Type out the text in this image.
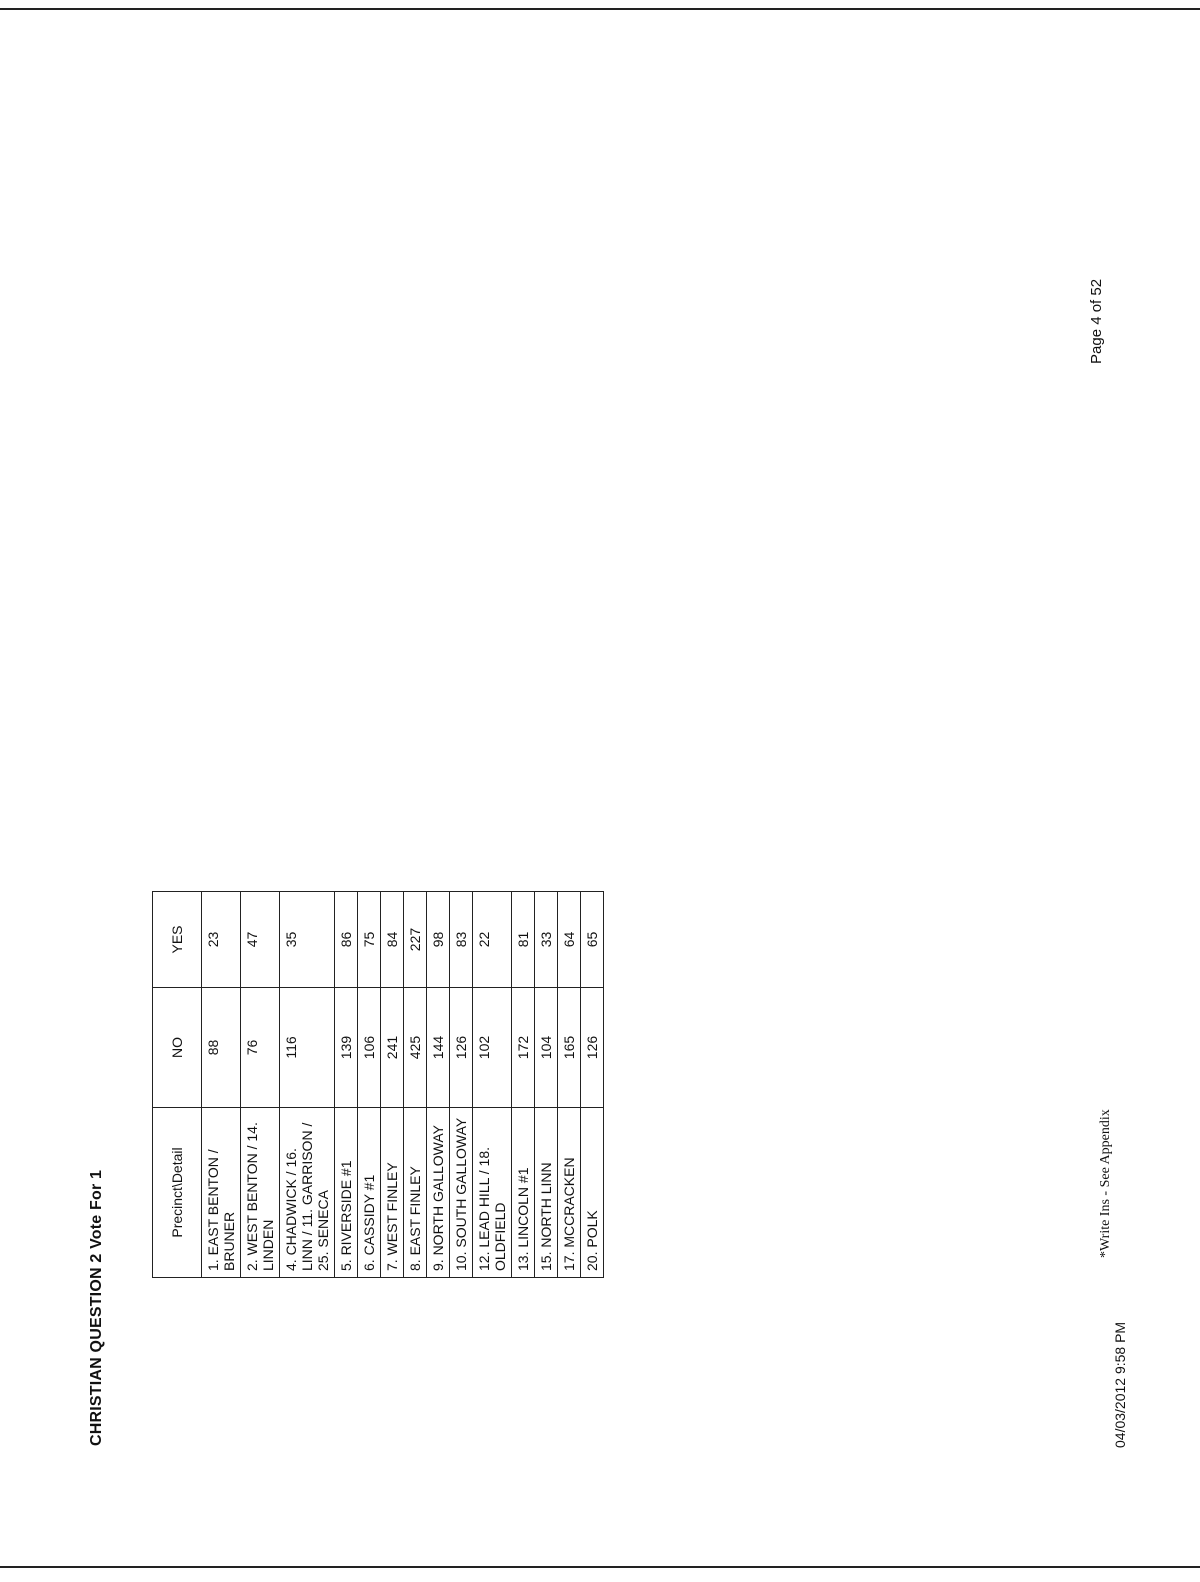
CHRISTIAN QUESTION 2 Vote For 1	Precinct\Detail	NO	YES
1. EAST BENTON / BRUNER	88	23
2. WEST BENTON / 14. LINDEN	76	47
4. CHADWICK / 16. LINN / 11. GARRISON / 25. SENECA	116	35
5. RIVERSIDE #1	139	86
6. CASSIDY #1	106	75
7. WEST FINLEY	241	84
8. EAST FINLEY	425	227
9. NORTH GALLOWAY	144	98
10. SOUTH GALLOWAY	126	83
12. LEAD HILL / 18. OLDFIELD	102	22
13. LINCOLN #1	172	81
15. NORTH LINN	104	33
17. MCCRACKEN	165	64
20. POLK	126	65
04/03/2012 9:58 PM
*Write Ins - See Appendix
Page 4 of 52
